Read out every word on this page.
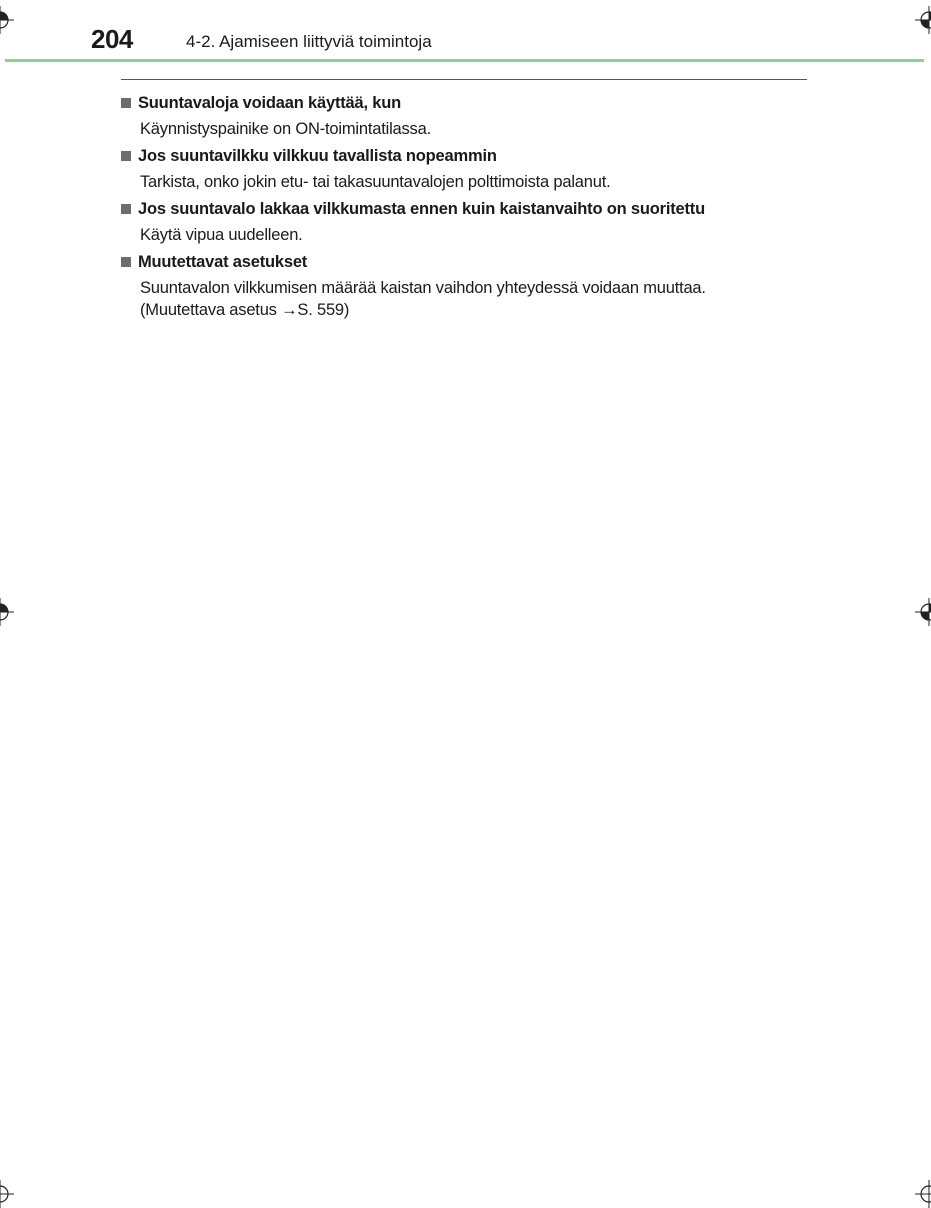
204	4-2. Ajamiseen liittyviä toimintoja
Suuntavaloja voidaan käyttää, kun
Käynnistyspainike on ON-toimintatilassa.
Jos suuntavilkku vilkkuu tavallista nopeammin
Tarkista, onko jokin etu- tai takasuuntavalojen polttimoista palanut.
Jos suuntavalo lakkaa vilkkumasta ennen kuin kaistanvaihto on suoritettu
Käytä vipua uudelleen.
Muutettavat asetukset
Suuntavalon vilkkumisen määrää kaistan vaihdon yhteydessä voidaan muuttaa.
(Muutettava asetus →S. 559)
